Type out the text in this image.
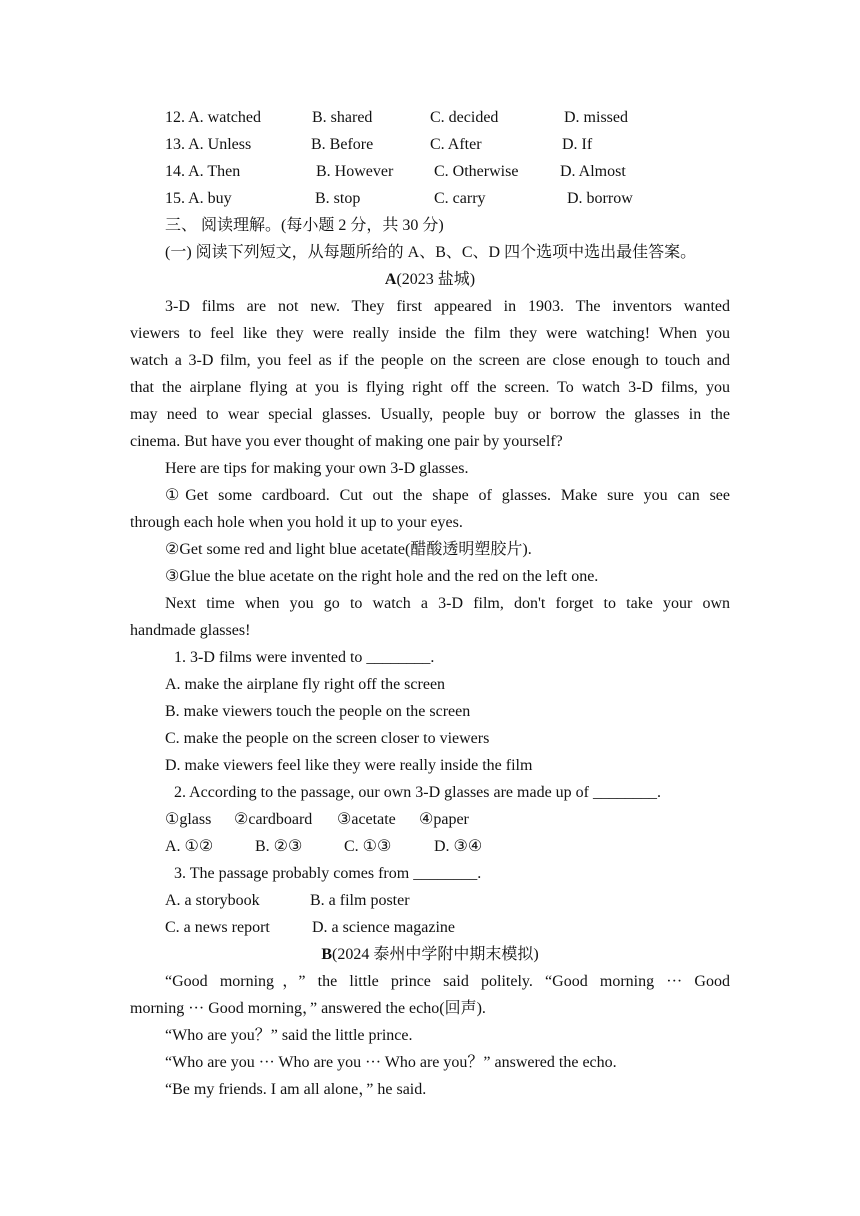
12. A. watched	B. shared	C. decided	D. missed
13. A. Unless	B. Before	C. After	D. If
14. A. Then	B. However	C. Otherwise	D. Almost
15. A. buy	B. stop	C. carry	D. borrow
三、 阅读理解。(每小题 2 分，共 30 分)
(一) 阅读下列短文，从每题所给的 A、B、C、D 四个选项中选出最佳答案。
A(2023 盐城)
3-D films are not new. They first appeared in 1903. The inventors wanted
viewers to feel like they were really inside the film they were watching! When you
watch a 3-D film, you feel as if the people on the screen are close enough to touch and
that the airplane flying at you is flying right off the screen. To watch 3-D films, you
may need to wear special glasses. Usually, people buy or borrow the glasses in the
cinema. But have you ever thought of making one pair by yourself?
Here are tips for making your own 3-D glasses.
①Get some cardboard. Cut out the shape of glasses. Make sure you can see
through each hole when you hold it up to your eyes.
②Get some red and light blue acetate(醋酸透明塑胶片).
③Glue the blue acetate on the right hole and the red on the left one.
Next time when you go to watch a 3-D film, don't forget to take your own
handmade glasses!
1. 3-D films were invented to ________.
A. make the airplane fly right off the screen
B. make viewers touch the people on the screen
C. make the people on the screen closer to viewers
D. make viewers feel like they were really inside the film
2. According to the passage, our own 3-D glasses are made up of ________.
①glass ②cardboard ③acetate ④paper
A. ①②	B. ②③	C. ①③	D. ③④
3. The passage probably comes from ________.
A. a storybook	B. a film poster
C. a news report	D. a science magazine
B(2024 泰州中学附中期末模拟)
“Good morning，” the little prince said politely. “Good morning ··· Good
morning ··· Good morning，” answered the echo(回声).
“Who are you？” said the little prince.
“Who are you ··· Who are you ··· Who are you？” answered the echo.
“Be my friends. I am all alone，” he said.
